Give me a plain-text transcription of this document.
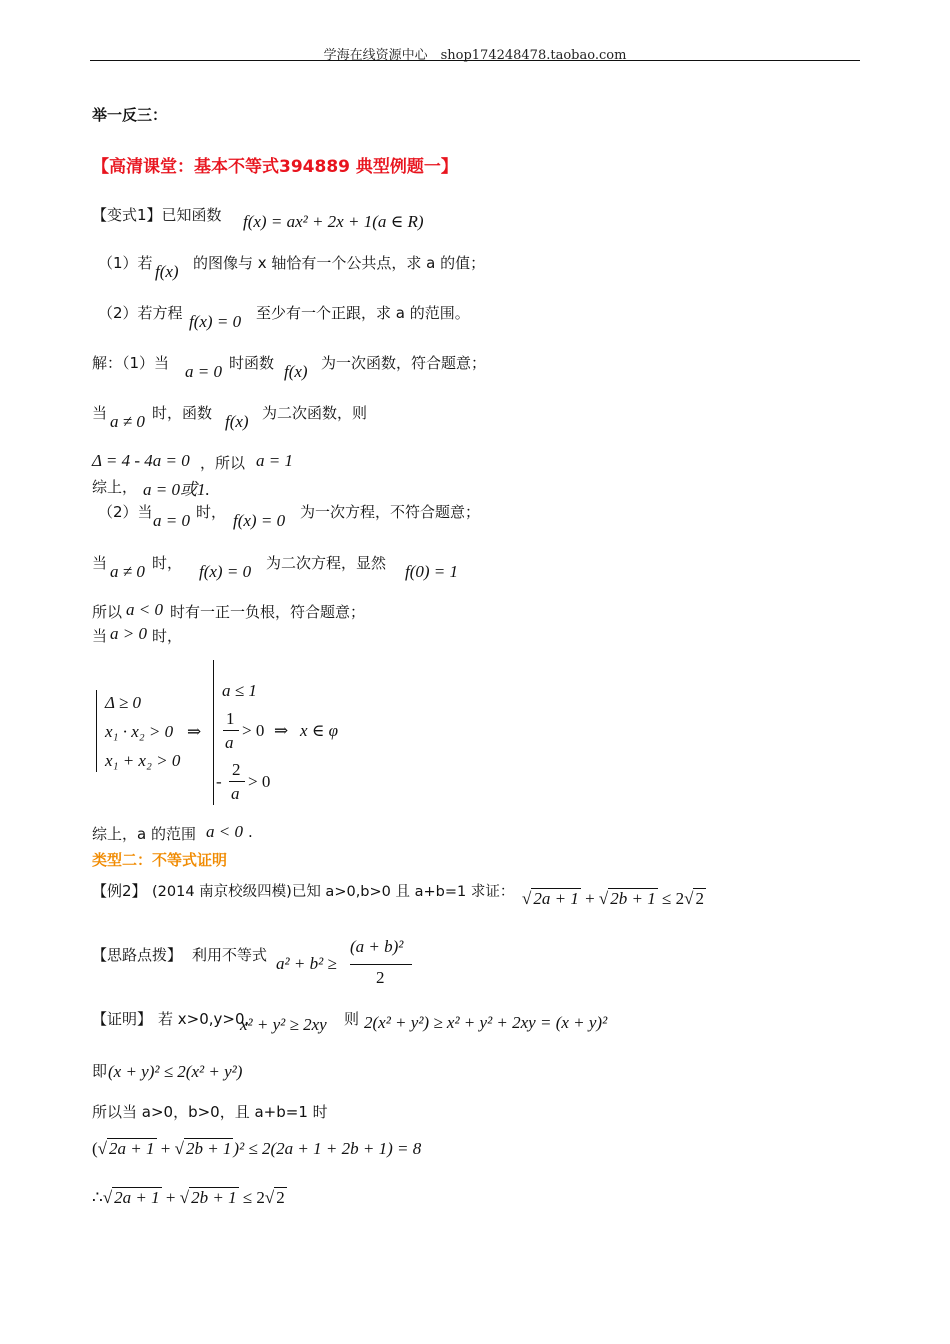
学海在线资源中心　shop174248478.taobao.com
举一反三：
【高清课堂：基本不等式394889 典型例题一】
【变式1】已知函数 f(x) = ax² + 2x + 1(a ∈ R)
（1）若 f(x) 的图像与 x 轴恰有一个公共点，求 a 的值；
（2）若方程 f(x) = 0 至少有一个正跟，求 a 的范围。
解：（1）当 a = 0 时函数 f(x) 为一次函数，符合题意；
当 a ≠ 0 时，函数 f(x) 为二次函数，则
Δ = 4 - 4a = 0 ，所以 a = 1
综上， a = 0或1.
（2）当 a = 0 时， f(x) = 0 为一次方程，不符合题意；
当 a ≠ 0 时， f(x) = 0 为二次方程，显然 f(0) = 1
所以 a < 0 时有一正一负根，符合题意；
当 a > 0 时，
Δ ≥ 0
x₁ · x₂ > 0
x₁ + x₂ > 0
⇒
a ≤ 1
1
a
> 0 ⇒ x ∈ φ
-
2
a
> 0
综上，a 的范围 a < 0 .
类型二：不等式证明
【例2】 (2014 南京校级四模)已知 a>0,b>0 且 a+b=1 求证： √ 2a + 1 + √ 2b + 1 ≤ 2√ 2
【思路点拨】 利用不等式 a² + b² ≥
(a + b)²
2
【证明】 若 x>0,y>0,
x² + y² ≥ 2xy 则 2(x² + y²) ≥ x² + y² + 2xy = (x + y)²
即 (x + y)² ≤ 2(x² + y²)
所以当 a>0，b>0，且 a+b=1 时
(√ 2a + 1 + √ 2b + 1 )² ≤ 2(2a + 1 + 2b + 1) = 8
∴√ 2a + 1 + √ 2b + 1 ≤ 2√ 2
